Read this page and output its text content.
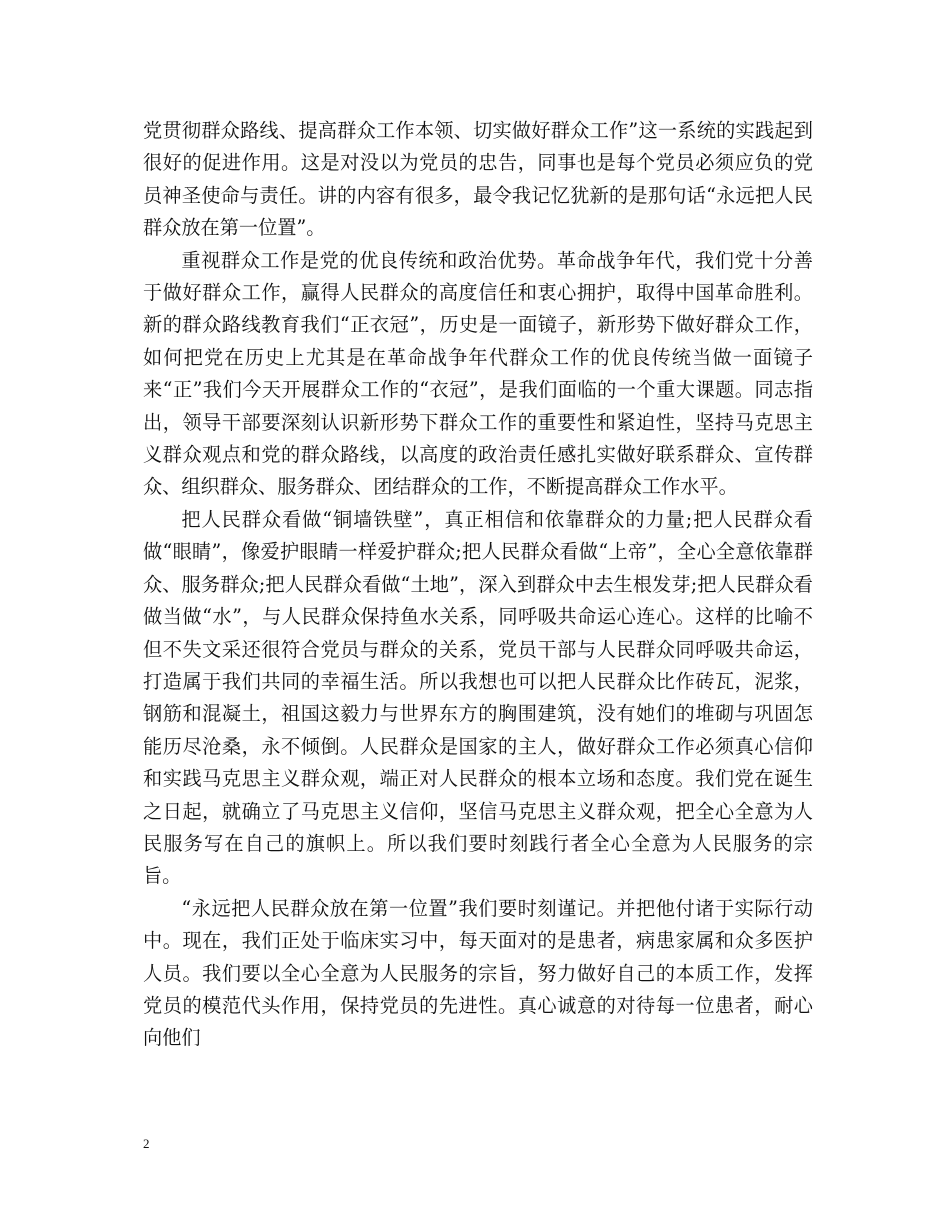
党贯彻群众路线、提高群众工作本领、切实做好群众工作”这一系统的实践起到很好的促进作用。这是对没以为党员的忠告，同事也是每个党员必须应负的党员神圣使命与责任。讲的内容有很多，最令我记忆犹新的是那句话“永远把人民群众放在第一位置”。

重视群众工作是党的优良传统和政治优势。革命战争年代，我们党十分善于做好群众工作，赢得人民群众的高度信任和衷心拥护，取得中国革命胜利。新的群众路线教育我们“正衣冠”，历史是一面镜子，新形势下做好群众工作，如何把党在历史上尤其是在革命战争年代群众工作的优良传统当做一面镜子来“正”我们今天开展群众工作的“衣冠”，是我们面临的一个重大课题。同志指出，领导干部要深刻认识新形势下群众工作的重要性和紧迫性，坚持马克思主义群众观点和党的群众路线，以高度的政治责任感扎实做好联系群众、宣传群众、组织群众、服务群众、团结群众的工作，不断提高群众工作水平。

把人民群众看做“铜墙铁壁”，真正相信和依靠群众的力量;把人民群众看做“眼睛”，像爱护眼睛一样爱护群众;把人民群众看做“上帝”，全心全意依靠群众、服务群众;把人民群众看做“土地”，深入到群众中去生根发芽;把人民群众看做当做“水”，与人民群众保持鱼水关系，同呼吸共命运心连心。这样的比喻不但不失文采还很符合党员与群众的关系，党员干部与人民群众同呼吸共命运，打造属于我们共同的幸福生活。所以我想也可以把人民群众比作砖瓦，泥浆，钢筋和混凝土，祖国这毅力与世界东方的胸围建筑，没有她们的堆砌与巩固怎能历尽沧桑，永不倾倒。人民群众是国家的主人，做好群众工作必须真心信仰和实践马克思主义群众观，端正对人民群众的根本立场和态度。我们党在诞生之日起，就确立了马克思主义信仰，坚信马克思主义群众观，把全心全意为人民服务写在自己的旗帜上。所以我们要时刻践行者全心全意为人民服务的宗旨。

“永远把人民群众放在第一位置”我们要时刻谨记。并把他付诸于实际行动中。现在，我们正处于临床实习中，每天面对的是患者，病患家属和众多医护人员。我们要以全心全意为人民服务的宗旨，努力做好自己的本质工作，发挥党员的模范代头作用，保持党员的先进性。真心诚意的对待每一位患者，耐心向他们

2
